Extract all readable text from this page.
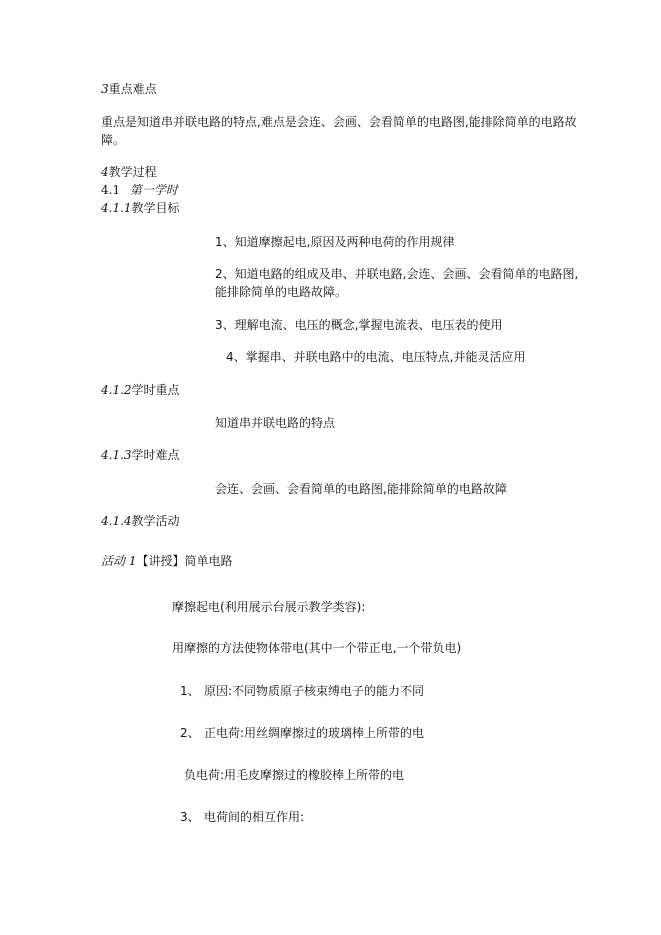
3重点难点

重点是知道串并联电路的特点,难点是会连、会画、会看简单的电路图,能排除简单的电路故

障。

4教学过程
4.1 第一学时
4.1.1教学目标

1、知道摩擦起电,原因及两种电荷的作用规律

2、知道电路的组成及串、并联电路,会连、会画、会看简单的电路图,

能排除简单的电路故障。

3、理解电流、电压的概念,掌握电流表、电压表的使用

4、掌握串、并联电路中的电流、电压特点,并能灵活应用

4.1.2学时重点

知道串并联电路的特点

4.1.3学时难点

会连、会画、会看简单的电路图,能排除简单的电路故障

4.1.4教学活动
活动 1【讲授】简单电路

摩擦起电(利用展示台展示教学类容):

用摩擦的方法使物体带电(其中一个带正电,一个带负电)

1、 原因:不同物质原子核束缚电子的能力不同
2、 正电荷:用丝绸摩擦过的玻璃棒上所带的电
负电荷:用毛皮摩擦过的橡胶棒上所带的电
3、 电荷间的相互作用:
